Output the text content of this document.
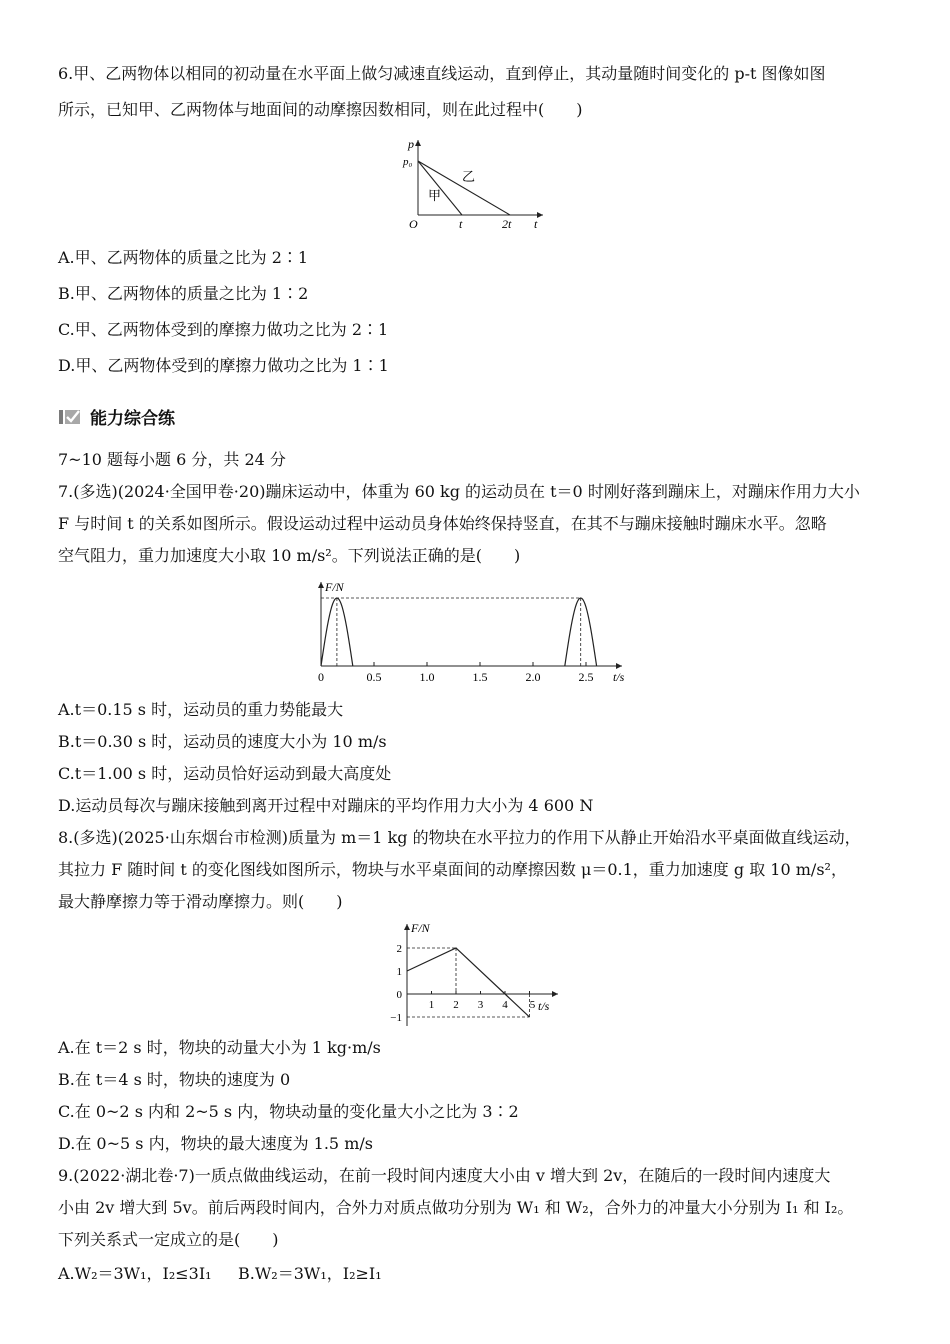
6.甲、乙两物体以相同的初动量在水平面上做匀减速直线运动，直到停止，其动量随时间变化的 p-t 图像如图
所示，已知甲、乙两物体与地面间的动摩擦因数相同，则在此过程中(　　)
p
p₀
O	t	2t t
甲
乙
A.甲、乙两物体的质量之比为 2∶1
B.甲、乙两物体的质量之比为 1∶2
C.甲、乙两物体受到的摩擦力做功之比为 2∶1
D.甲、乙两物体受到的摩擦力做功之比为 1∶1
能力综合练
7~10 题每小题 6 分，共 24 分
7.(多选)(2024·全国甲卷·20)蹦床运动中，体重为 60 kg 的运动员在 t＝0 时刚好落到蹦床上，对蹦床作用力大小
F 与时间 t 的关系如图所示。假设运动过程中运动员身体始终保持竖直，在其不与蹦床接触时蹦床水平。忽略
空气阻力，重力加速度大小取 10 m/s²。下列说法正确的是(　　)
F/N
t/s
0	0.5	1.0	1.5	2.0	2.5
A.t＝0.15 s 时，运动员的重力势能最大
B.t＝0.30 s 时，运动员的速度大小为 10 m/s
C.t＝1.00 s 时，运动员恰好运动到最大高度处
D.运动员每次与蹦床接触到离开过程中对蹦床的平均作用力大小为 4 600 N
8.(多选)(2025·山东烟台市检测)质量为 m＝1 kg 的物块在水平拉力的作用下从静止开始沿水平桌面做直线运动，
其拉力 F 随时间 t 的变化图线如图所示，物块与水平桌面间的动摩擦因数 μ＝0.1，重力加速度 g 取 10 m/s²，
最大静摩擦力等于滑动摩擦力。则(　　)
F/N
t/s
1 2 3 4 5
2
1
0
−1
A.在 t＝2 s 时，物块的动量大小为 1 kg·m/s
B.在 t＝4 s 时，物块的速度为 0
C.在 0~2 s 内和 2~5 s 内，物块动量的变化量大小之比为 3∶2
D.在 0~5 s 内，物块的最大速度为 1.5 m/s
9.(2022·湖北卷·7)一质点做曲线运动，在前一段时间内速度大小由 v 增大到 2v，在随后的一段时间内速度大
小由 2v 增大到 5v。前后两段时间内，合外力对质点做功分别为 W₁ 和 W₂，合外力的冲量大小分别为 I₁ 和 I₂。
下列关系式一定成立的是(　　)
A.W₂＝3W₁，I₂≤3I₁ B.W₂＝3W₁，I₂≥I₁
